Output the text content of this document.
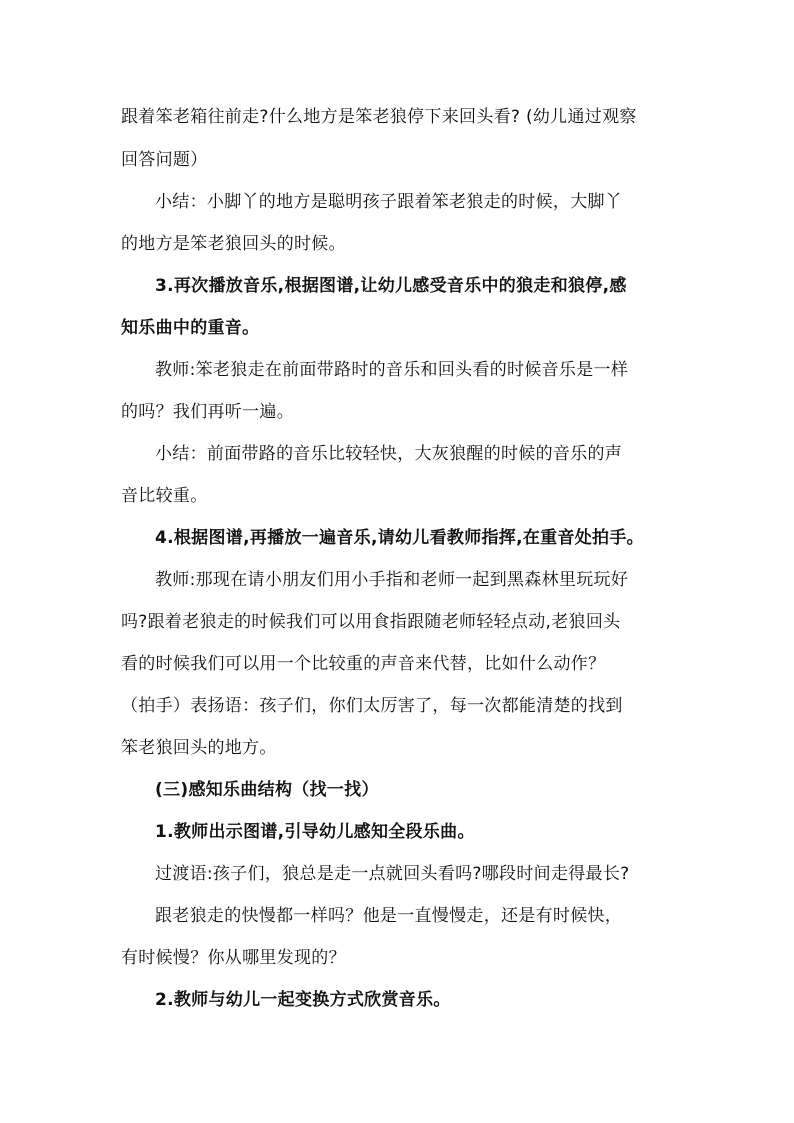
跟着笨老箱往前走?什么地方是笨老狼停下来回头看? (幼儿通过观察
回答问题）
小结：小脚丫的地方是聪明孩子跟着笨老狼走的时候，大脚丫
的地方是笨老狼回头的时候。
3.再次播放音乐,根据图谱,让幼儿感受音乐中的狼走和狼停,感
知乐曲中的重音。
教师:笨老狼走在前面带路时的音乐和回头看的时候音乐是一样
的吗？我们再听一遍。
小结：前面带路的音乐比较轻快，大灰狼醒的时候的音乐的声
音比较重。
4.根据图谱,再播放一遍音乐,请幼儿看教师指挥,在重音处拍手。
教师:那现在请小朋友们用小手指和老师一起到黑森林里玩玩好
吗?跟着老狼走的时候我们可以用食指跟随老师轻轻点动,老狼回头
看的时候我们可以用一个比较重的声音来代替，比如什么动作？
（拍手）表扬语：孩子们，你们太厉害了，每一次都能清楚的找到
笨老狼回头的地方。
(三)感知乐曲结构（找一找）
1.教师出示图谱,引导幼儿感知全段乐曲。
过渡语:孩子们，狼总是走一点就回头看吗?哪段时间走得最长?
跟老狼走的快慢都一样吗？他是一直慢慢走，还是有时候快，
有时候慢？你从哪里发现的？
2.教师与幼儿一起变换方式欣赏音乐。
